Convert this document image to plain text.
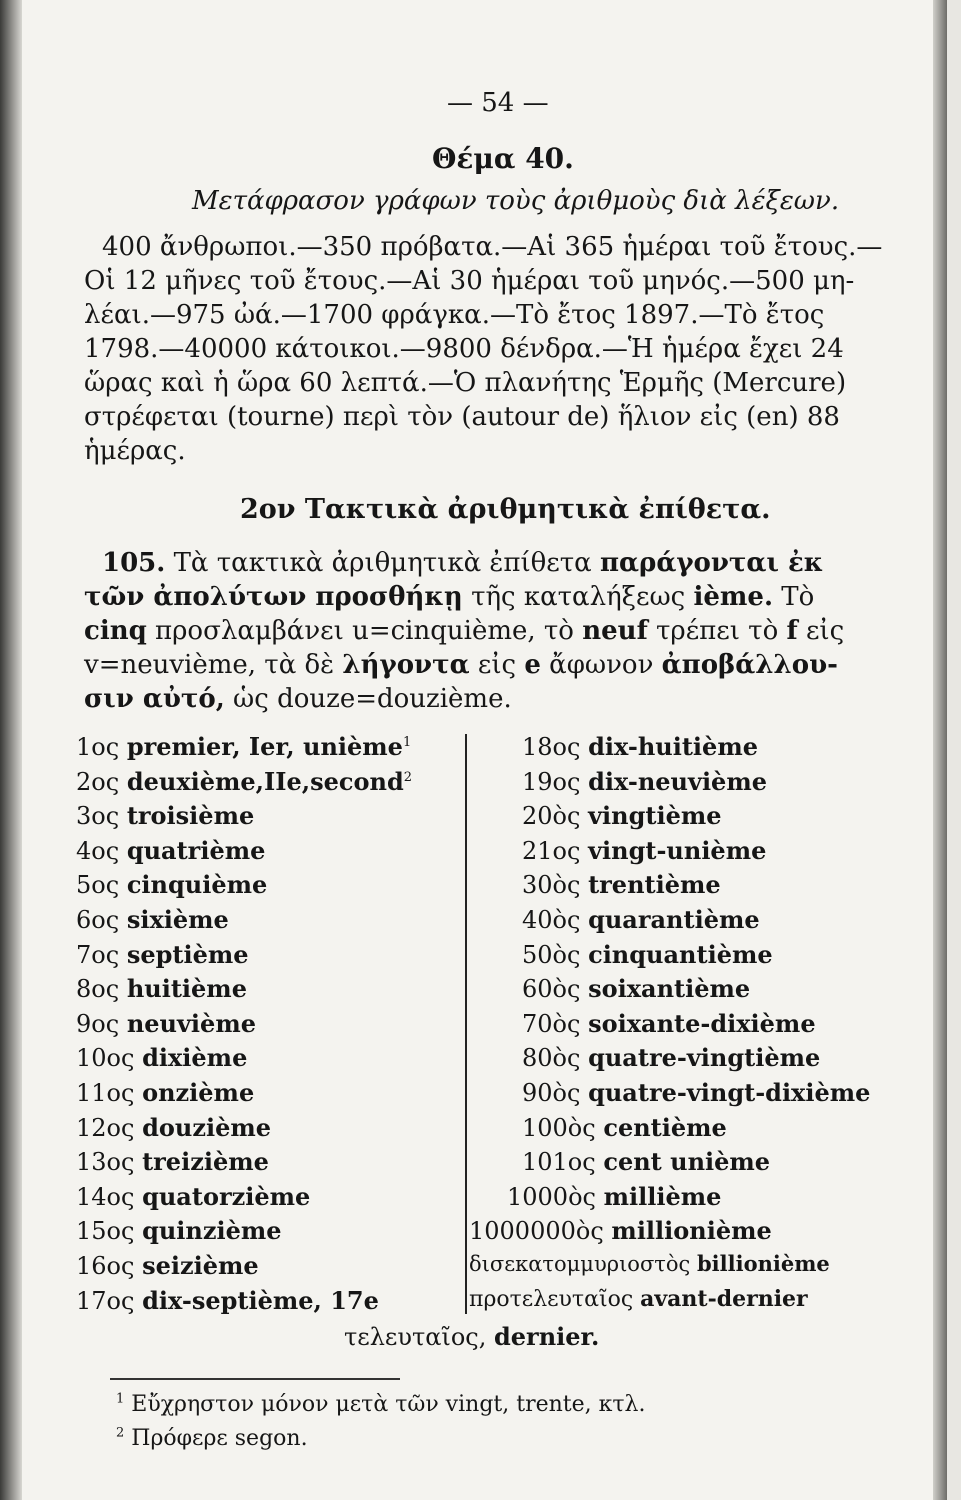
— 54 —
Θέμα 40.
Μετάφρασον γράφων τοὺς ἀριθμοὺς διὰ λέξεων.
400 ἄνθρωποι.—350 πρόβατα.—Αἱ 365 ἡμέραι τοῦ ἔτους.—
Οἱ 12 μῆνες τοῦ ἔτους.—Αἱ 30 ἡμέραι τοῦ μηνός.—500 μη-
λέαι.—975 ὠά.—1700 φράγκα.—Τὸ ἔτος 1897.—Τὸ ἔτος
1798.—40000 κάτοικοι.—9800 δένδρα.—Ἡ ἡμέρα ἔχει 24
ὥρας καὶ ἡ ὥρα 60 λεπτά.—Ὁ πλανήτης Ἑρμῆς (Mercure)
στρέφεται (tourne) περὶ τὸν (autour de) ἥλιον εἰς (en) 88
ἡμέρας.
2ον Τακτικὰ ἀριθμητικὰ ἐπίθετα.
105. Τὰ τακτικὰ ἀριθμητικὰ ἐπίθετα παράγονται ἐκ
τῶν ἀπολύτων προσθήκῃ τῆς καταλήξεως ième. Τὸ
cinq προσλαμβάνει u=cinquième, τὸ neuf τρέπει τὸ f εἰς
v=neuvième, τὰ δὲ λήγοντα εἰς e ἄφωνον ἀποβάλλου-
σιν αὐτό, ὡς douze=douzième.
1ος premier, Ier, unième$^1$
2ος deuxième,IIe,second$^2$
3ος troisième
4ος quatrième
5ος cinquième
6ος sixième
7ος septième
8ος huitième
9ος neuvième
10ος dixième
11ος onzième
12ος douzième
13ος treizième
14ος quatorzième
15ος quinzième
16ος seizième
17ος dix-septième, 17e
18ος dix-huitième
19ος dix-neuvième
20ὸς vingtième
21ος vingt-unième
30ὸς trentième
40ὸς quarantième
50ὸς cinquantième
60ὸς soixantième
70ὸς soixante-dixième
80ὸς quatre-vingtième
90ὸς quatre-vingt-dixième
100ὸς centième
101ος cent unième
1000ὸς millième
1000000ὸς millionième
δισεκατομμυριοστὸς billionième
προτελευταῖος avant-dernier
τελευταῖος, dernier.
$^1$ Εὔχρηστον μόνον μετὰ τῶν vingt, trente, κτλ.
$^2$ Πρόφερε segon.
